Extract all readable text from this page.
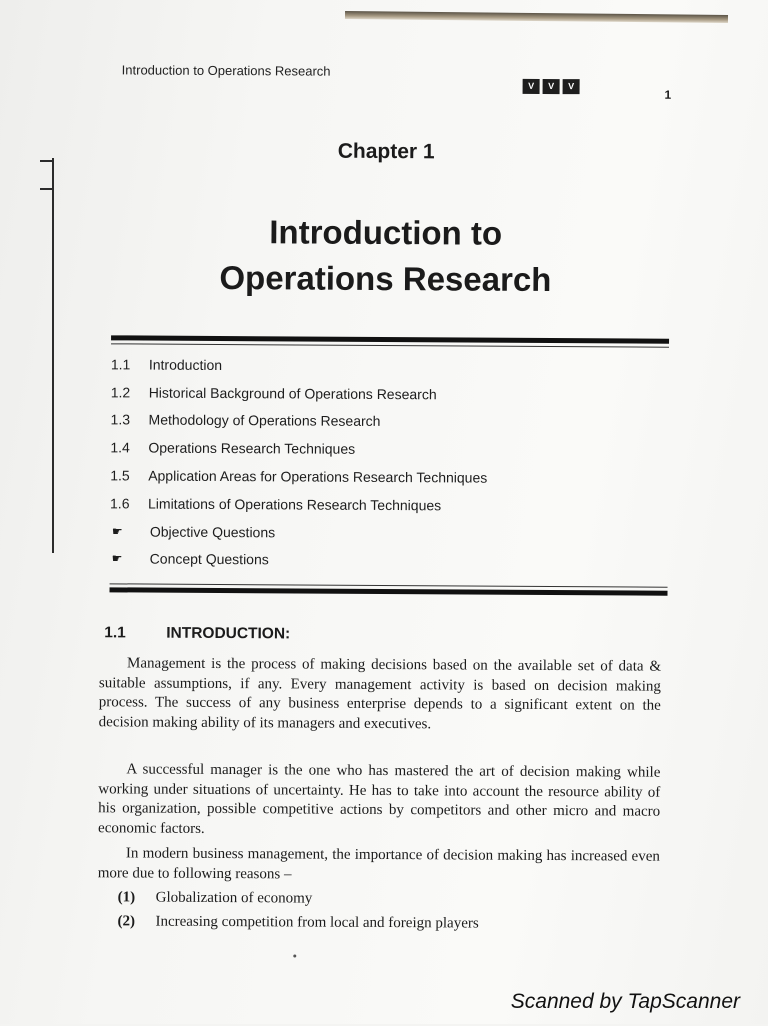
Introduction to Operations Research
V	V	V
1
Chapter 1
Introduction to
Operations Research
1.1	Introduction
1.2	Historical Background of Operations Research
1.3	Methodology of Operations Research
1.4	Operations Research Techniques
1.5	Application Areas for Operations Research Techniques
1.6	Limitations of Operations Research Techniques
☛	Objective Questions
☛	Concept Questions
1.1	INTRODUCTION:

Management is the process of making decisions based on the available set of data & suitable assumptions, if any. Every management activity is based on decision making process. The success of any business enterprise depends to a significant extent on the decision making ability of its managers and executives.

A successful manager is the one who has mastered the art of decision making while working under situations of uncertainty. He has to take into account the resource ability of his organization, possible competitive actions by competitors and other micro and macro economic factors.

In modern business management, the importance of decision making has increased even more due to following reasons –

(1) Globalization of economy
(2) Increasing competition from local and foreign players
Scanned by TapScanner
